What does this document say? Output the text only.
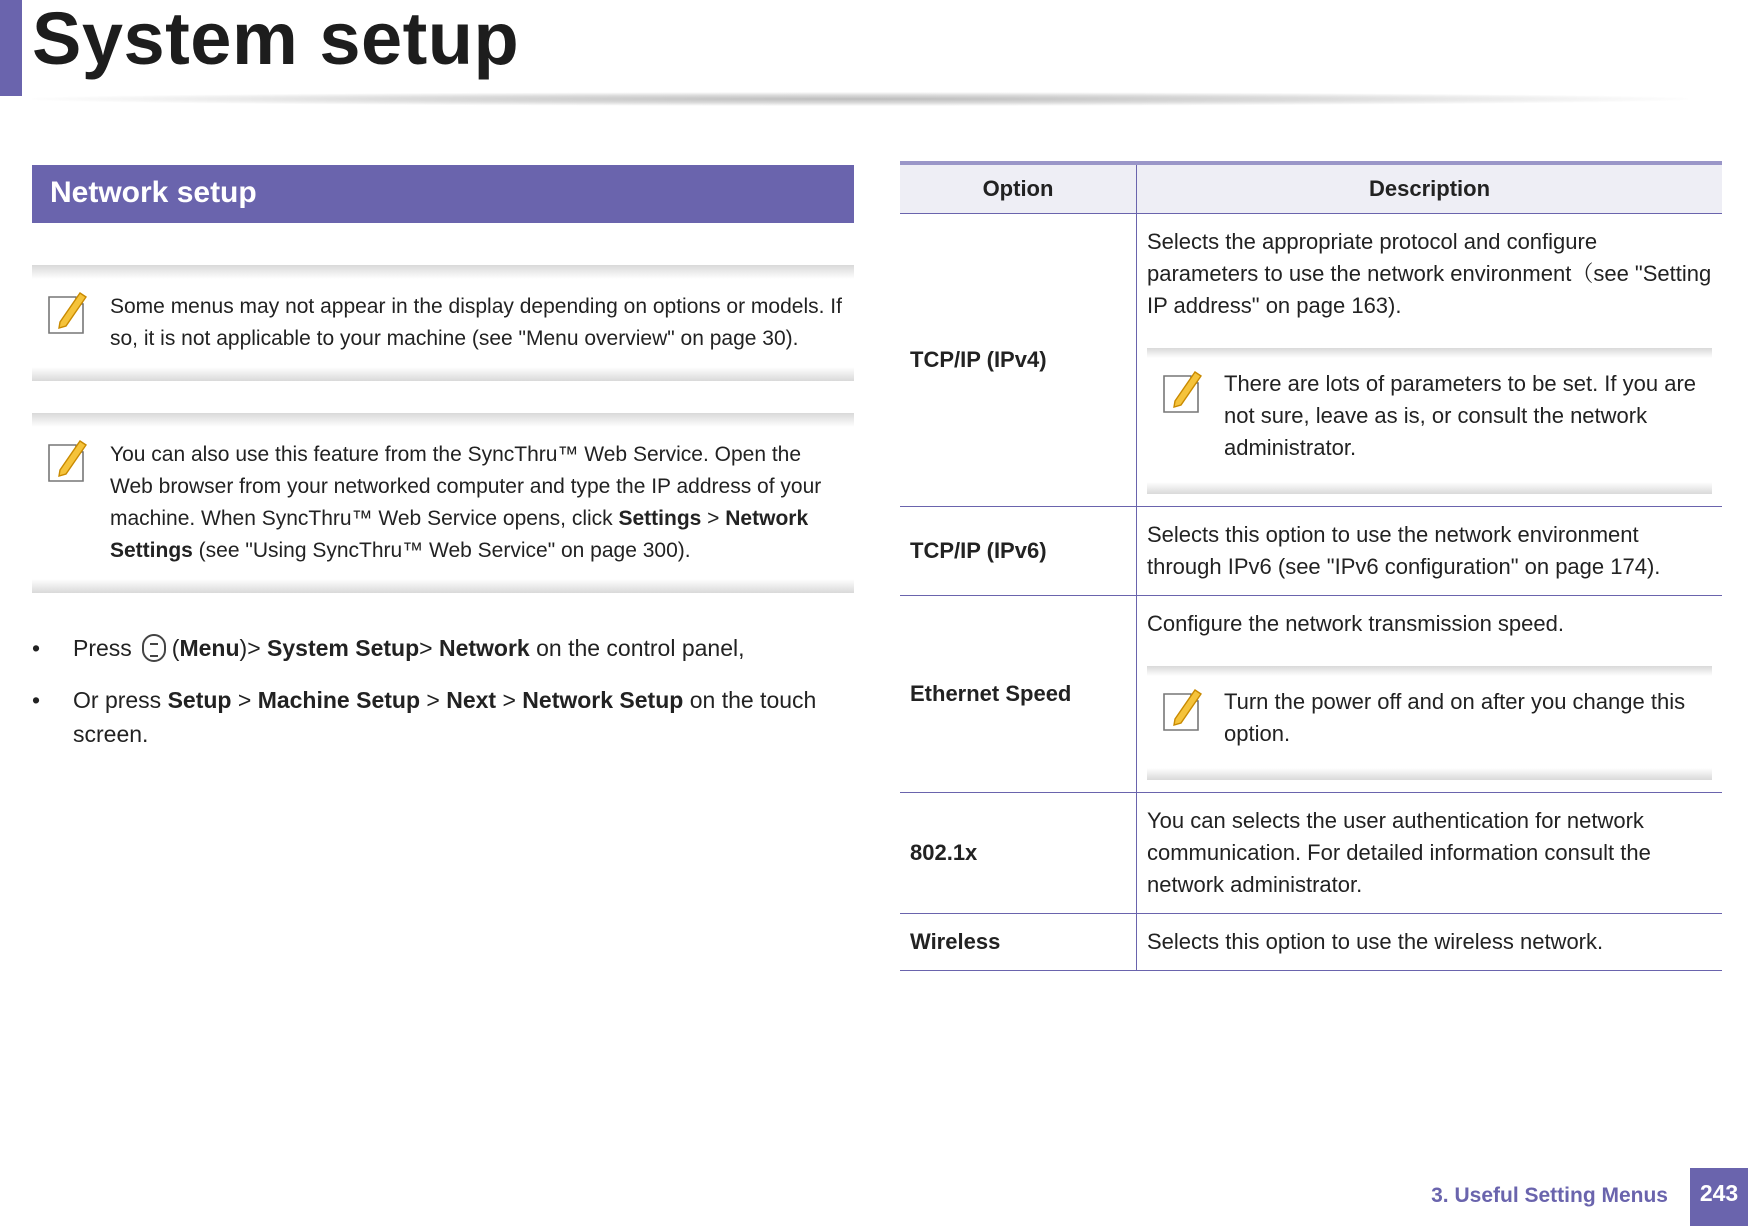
System setup
Network setup
Some menus may not appear in the display depending on options or models. If so, it is not applicable to your machine (see "Menu overview" on page 30).
You can also use this feature from the SyncThru™ Web Service. Open the Web browser from your networked computer and type the IP address of your machine. When SyncThru™ Web Service opens, click Settings > Network Settings (see "Using SyncThru™ Web Service" on page 300).
• Press (Menu)> System Setup> Network on the control panel,
• Or press Setup > Machine Setup > Next > Network Setup on the touch screen.
Option	Description
TCP/IP (IPv4)	Selects the appropriate protocol and configure parameters to use the network environment（see "Setting IP address" on page 163).
There are lots of parameters to be set. If you are not sure, leave as is, or consult the network administrator.

TCP/IP (IPv6)	Selects this option to use the network environment through IPv6 (see "IPv6 configuration" on page 174).

Ethernet Speed	Configure the network transmission speed.
Turn the power off and on after you change this option.

802.1x	You can selects the user authentication for network communication. For detailed information consult the network administrator.

Wireless	Selects this option to use the wireless network.
3. Useful Setting Menus	243
